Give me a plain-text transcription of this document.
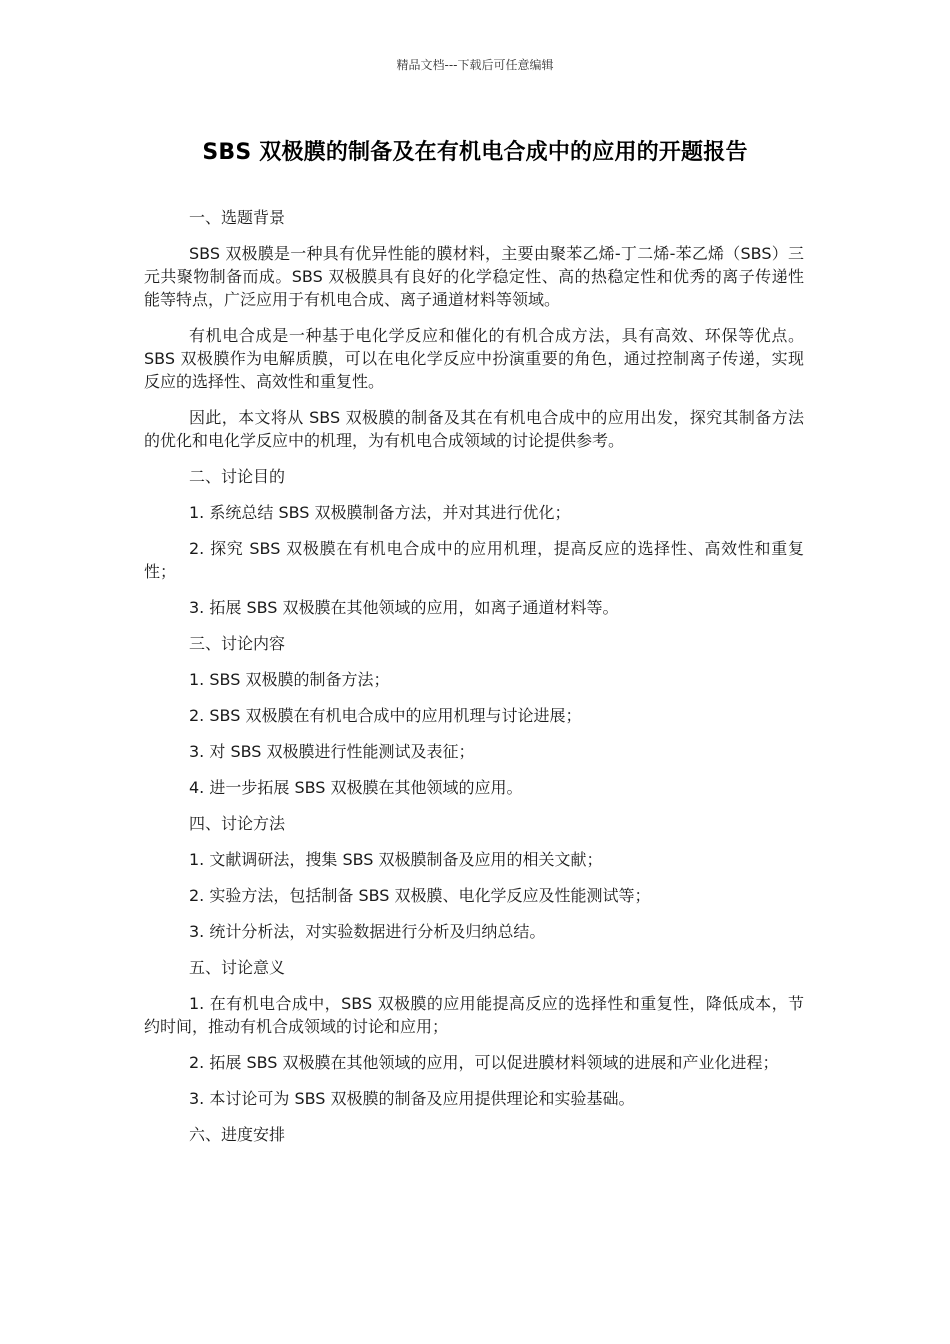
精品文档---下载后可任意编辑
SBS 双极膜的制备及在有机电合成中的应用的开题报告

一、选题背景

SBS 双极膜是一种具有优异性能的膜材料，主要由聚苯乙烯-丁二烯-苯乙烯（SBS）三元共聚物制备而成。SBS 双极膜具有良好的化学稳定性、高的热稳定性和优秀的离子传递性能等特点，广泛应用于有机电合成、离子通道材料等领域。

有机电合成是一种基于电化学反应和催化的有机合成方法，具有高效、环保等优点。SBS 双极膜作为电解质膜，可以在电化学反应中扮演重要的角色，通过控制离子传递，实现反应的选择性、高效性和重复性。

因此，本文将从 SBS 双极膜的制备及其在有机电合成中的应用出发，探究其制备方法的优化和电化学反应中的机理，为有机电合成领域的讨论提供参考。

二、讨论目的

1. 系统总结 SBS 双极膜制备方法，并对其进行优化；

2. 探究 SBS 双极膜在有机电合成中的应用机理，提高反应的选择性、高效性和重复性；

3. 拓展 SBS 双极膜在其他领域的应用，如离子通道材料等。

三、讨论内容

1. SBS 双极膜的制备方法；

2. SBS 双极膜在有机电合成中的应用机理与讨论进展；

3. 对 SBS 双极膜进行性能测试及表征；

4. 进一步拓展 SBS 双极膜在其他领域的应用。

四、讨论方法

1. 文献调研法，搜集 SBS 双极膜制备及应用的相关文献；

2. 实验方法，包括制备 SBS 双极膜、电化学反应及性能测试等；

3. 统计分析法，对实验数据进行分析及归纳总结。

五、讨论意义

1. 在有机电合成中，SBS 双极膜的应用能提高反应的选择性和重复性，降低成本，节约时间，推动有机合成领域的讨论和应用；

2. 拓展 SBS 双极膜在其他领域的应用，可以促进膜材料领域的进展和产业化进程；

3. 本讨论可为 SBS 双极膜的制备及应用提供理论和实验基础。

六、进度安排
